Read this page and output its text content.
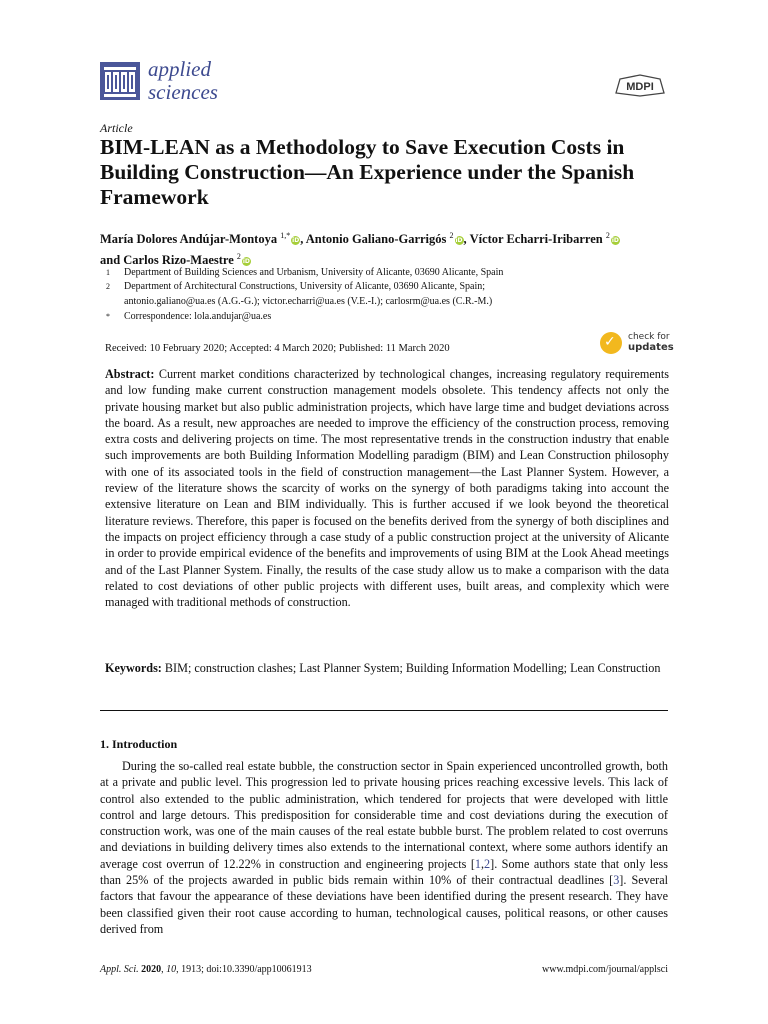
applied
sciences	MDPI
Article
BIM-LEAN as a Methodology to Save Execution Costs in Building Construction—An Experience under the Spanish Framework
María Dolores Andújar-Montoya $^{1,*}$iD, Antonio Galiano-Garrigós $^2$iD, Víctor Echarri-Iribarren $^2$iD
and Carlos Rizo-Maestre $^2$iD
1 Department of Building Sciences and Urbanism, University of Alicante, 03690 Alicante, Spain
2 Department of Architectural Constructions, University of Alicante, 03690 Alicante, Spain;
antonio.galiano@ua.es (A.G.-G.); victor.echarri@ua.es (V.E.-I.); carlosrm@ua.es (C.R.-M.)
* Correspondence: lola.andujar@ua.es
Received: 10 February 2020; Accepted: 4 March 2020; Published: 11 March 2020	✓ check for
updates
Abstract: Current market conditions characterized by technological changes, increasing regulatory requirements and low funding make current construction management models obsolete. This tendency affects not only the private housing market but also public administration projects, which have large time and budget deviations across the board. As a result, new approaches are needed to improve the efficiency of the construction process, removing extra costs and delivering projects on time. The most representative trends in the construction industry that enable such improvements are both Building Information Modelling paradigm (BIM) and Lean Construction philosophy with one of its associated tools in the field of construction management—the Last Planner System. However, a review of the literature shows the scarcity of works on the synergy of both paradigms taking into account the extensive literature on Lean and BIM individually. This is further accused if we look beyond the theoretical literature reviews. Therefore, this paper is focused on the benefits derived from the synergy of both disciplines and the impacts on project efficiency through a case study of a public construction project at the university of Alicante in order to provide empirical evidence of the benefits and improvements of using BIM at the Look Ahead meetings and of the Last Planner System. Finally, the results of the case study allow us to make a comparison with the data related to cost deviations of other public projects with different uses, built areas, and complexity which were managed with traditional methods of construction.
Keywords: BIM; construction clashes; Last Planner System; Building Information Modelling; Lean Construction
1. Introduction
During the so-called real estate bubble, the construction sector in Spain experienced uncontrolled growth, both at a private and public level. This progression led to private housing prices reaching excessive levels. This lack of control also extended to the public administration, which tendered for projects that were developed with little control and large detours. This predisposition for considerable time and cost deviations during the execution of construction work, was one of the main causes of the real estate bubble burst. The problem related to cost overruns and deviations in building delivery times also extends to the international context, where some authors identify an average cost overrun of 12.22% in construction and engineering projects [1,2]. Some authors state that only less than 25% of the projects awarded in public bids remain within 10% of their contractual deadlines [3]. Several factors that favour the appearance of these deviations have been identified during the present research. They have been classified given their root cause according to human, technological causes, political reasons, or other causes derived from
Appl. Sci. 2020, 10, 1913; doi:10.3390/app10061913	www.mdpi.com/journal/applsci
